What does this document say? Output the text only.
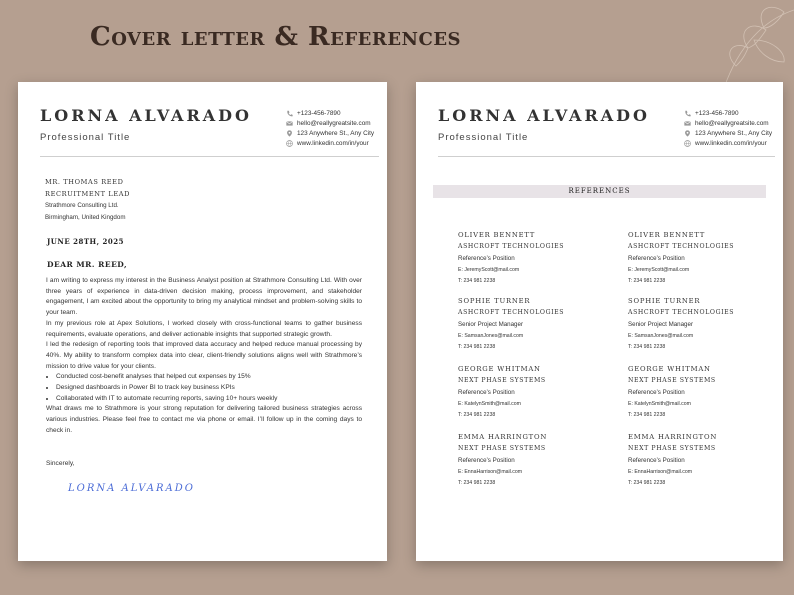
Cover letter & References
LORNA ALVARADO
Professional Title
+123-456-7890
hello@reallygreatsite.com
123 Anywhere St., Any City
www.linkedin.com/in/your
MR. THOMAS REED
RECRUITMENT LEAD
Strathmore Consulting Ltd.
Birmingham, United Kingdom
JUNE 28TH, 2025
DEAR MR. REED,

I am writing to express my interest in the Business Analyst position at Strathmore Consulting Ltd. With over three years of experience in data-driven decision making, process improvement, and stakeholder engagement, I am excited about the opportunity to bring my analytical mindset and problem-solving skills to your team.

In my previous role at Apex Solutions, I worked closely with cross-functional teams to gather business requirements, evaluate operations, and deliver actionable insights that supported strategic growth.

I led the redesign of reporting tools that improved data accuracy and helped reduce manual processing by 40%. My ability to transform complex data into clear, client-friendly solutions aligns well with Strathmore’s mission to drive value for your clients.

• Conducted cost-benefit analyses that helped cut expenses by 15%
• Designed dashboards in Power BI to track key business KPIs
• Collaborated with IT to automate recurring reports, saving 10+ hours weekly

What draws me to Strathmore is your strong reputation for delivering tailored business strategies across various industries. Please feel free to contact me via phone or email. I’ll follow up in the coming days to check in.

Sincerely,
LORNA ALVARADO
LORNA ALVARADO
Professional Title
+123-456-7890
hello@reallygreatsite.com
123 Anywhere St., Any City
www.linkedin.com/in/your
REFERENCES
OLIVER BENNETT
ASHCROFT TECHNOLOGIES
Reference’s Position
E: JeremyScott@mail.com
T: 234 981 2238
OLIVER BENNETT
ASHCROFT TECHNOLOGIES
Reference’s Position
E: JeremyScott@mail.com
T: 234 981 2238
SOPHIE TURNER
ASHCROFT TECHNOLOGIES
Senior Project Manager
E: SamsanJones@mail.com
T: 234 981 2238
SOPHIE TURNER
ASHCROFT TECHNOLOGIES
Senior Project Manager
E: SamsanJones@mail.com
T: 234 981 2238
GEORGE WHITMAN
NEXT PHASE SYSTEMS
Reference’s Position
E: KatelynSmith@mail.com
T: 234 981 2238
GEORGE WHITMAN
NEXT PHASE SYSTEMS
Reference’s Position
E: KatelynSmith@mail.com
T: 234 981 2238
EMMA HARRINGTON
NEXT PHASE SYSTEMS
Reference’s Position
E: EnnaHarrison@mail.com
T: 234 981 2238
EMMA HARRINGTON
NEXT PHASE SYSTEMS
Reference’s Position
E: EnnaHarrison@mail.com
T: 234 981 2238
